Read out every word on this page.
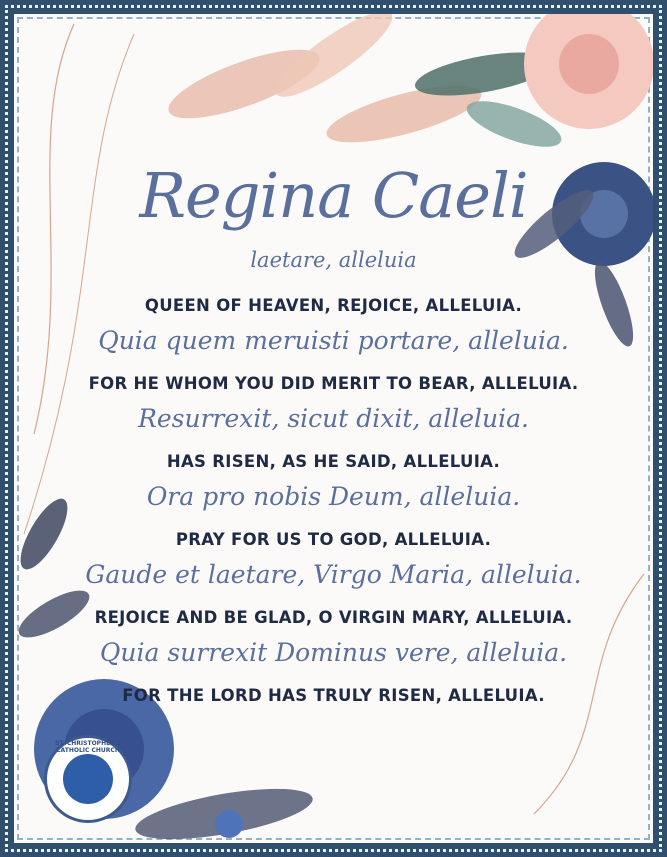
Regina Caeli
laetare, alleluia
QUEEN OF HEAVEN, REJOICE, ALLELUIA.
Quia quem meruisti portare, alleluia.
FOR HE WHOM YOU DID MERIT TO BEAR, ALLELUIA.
Resurrexit, sicut dixit, alleluia.
HAS RISEN, AS HE SAID, ALLELUIA.
Ora pro nobis Deum, alleluia.
PRAY FOR US TO GOD, ALLELUIA.
Gaude et laetare, Virgo Maria, alleluia.
REJOICE AND BE GLAD, O VIRGIN MARY, ALLELUIA.
Quia surrexit Dominus vere, alleluia.
FOR THE LORD HAS TRULY RISEN, ALLELUIA.
ST. CHRISTOPHER'S CATHOLIC CHURCH
